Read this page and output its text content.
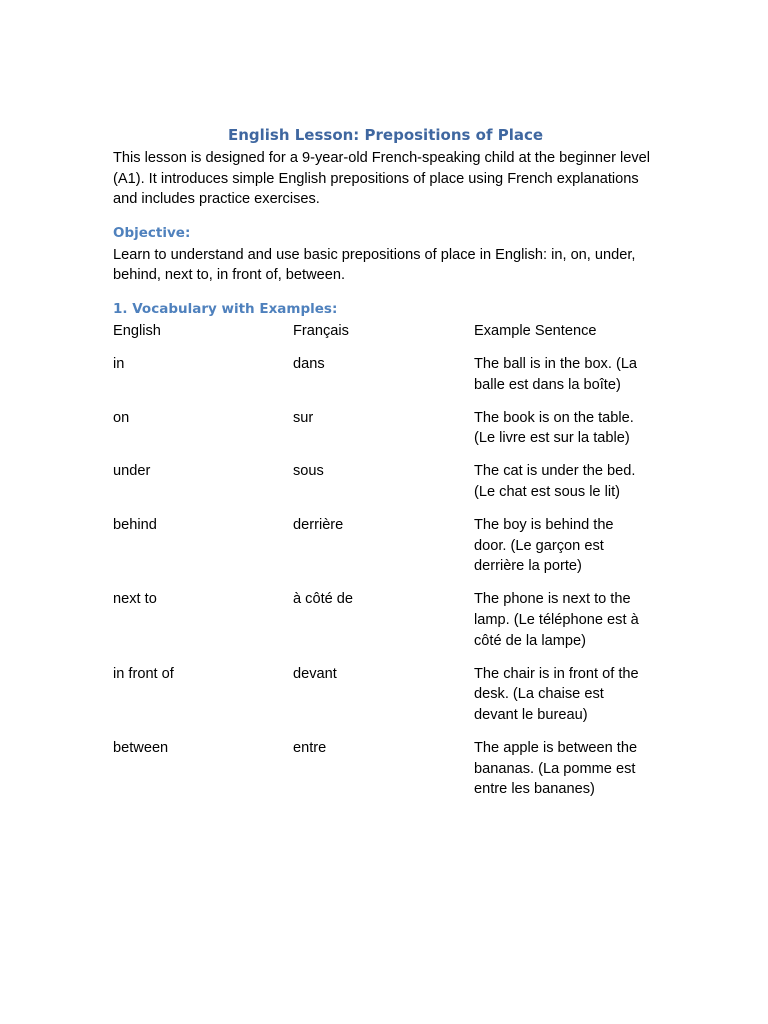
English Lesson: Prepositions of Place

This lesson is designed for a 9-year-old French-speaking child at the beginner level (A1). It introduces simple English prepositions of place using French explanations and includes practice exercises.

Objective:

Learn to understand and use basic prepositions of place in English: in, on, under, behind, next to, in front of, between.

1. Vocabulary with Examples:
English	Français	Example Sentence
in	dans	The ball is in the box. (La balle est dans la boîte)
on	sur	The book is on the table. (Le livre est sur la table)
under	sous	The cat is under the bed. (Le chat est sous le lit)
behind	derrière	The boy is behind the door. (Le garçon est derrière la porte)
next to	à côté de	The phone is next to the lamp. (Le téléphone est à côté de la lampe)
in front of	devant	The chair is in front of the desk. (La chaise est devant le bureau)
between	entre	The apple is between the bananas. (La pomme est entre les bananes)
